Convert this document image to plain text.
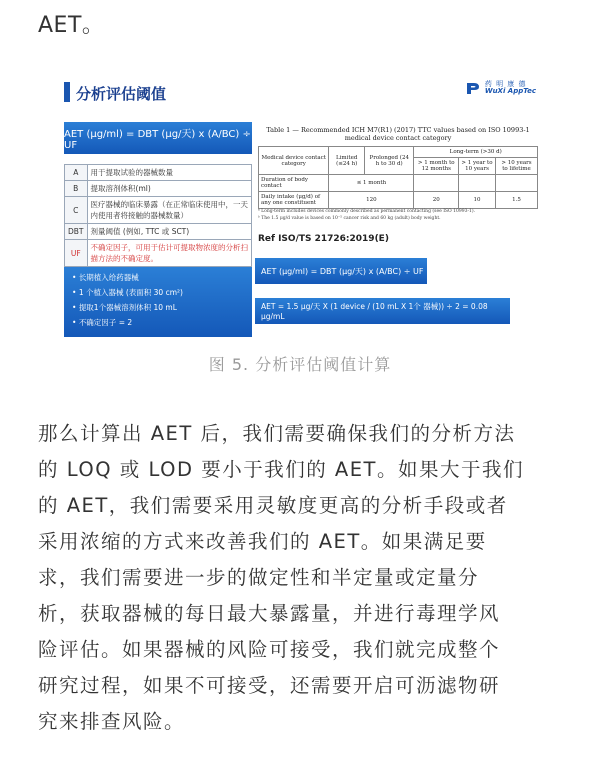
AET。
分析评估阈值
药 明 康 德
WuXi AppTec
AET (μg/ml) = DBT (μg/天) x (A/BC) ÷ UF
A	用于提取试验的器械数量
B	提取溶剂体积(ml)
C	医疗器械的临床暴露（在正常临床使用中，一天内使用者将接触的器械数量）
DBT	剂量阈值 (例如, TTC 或 SCT)
UF	不确定因子，可用于估计可提取物浓度的分析扫描方法的不确定度。
• 长期植入给药器械
• 1 个植入器械 (表面积 30 cm²)
• 提取1个器械溶剂体积 10 mL
• 不确定因子 = 2
Table 1 — Recommended ICH M7(R1) (2017) TTC values based on ISO 10993-1 medical device contact category
Medical device contact category	Limited (≤24 h)	Prolonged (24 h to 30 d)	Long-term (>30 d)		
			> 1 month to 12 months	> 1 year to 10 years	> 10 years to lifetime
Duration of body contact	≤ 1 month				
Daily intake (μg/d) of any one constituent	120		20	10	1.5
ᵃ Long-term includes devices commonly described as permanent contacting (see ISO 10993-1).
ᵇ The 1.5 μg/d value is based on 10⁻⁵ cancer risk and 60 kg (adult) body weight.
Ref ISO/TS 21726:2019(E)
AET (μg/ml) = DBT (μg/天) x (A/BC) ÷ UF
AET = 1.5 μg/天 X (1 device / (10 mL X 1个 器械)) ÷ 2 = 0.08 μg/mL
图 5. 分析评估阈值计算
那么计算出 AET 后，我们需要确保我们的分析方法
的 LOQ 或 LOD 要小于我们的 AET。如果大于我们
的 AET，我们需要采用灵敏度更高的分析手段或者
采用浓缩的方式来改善我们的 AET。如果满足要
求，我们需要进一步的做定性和半定量或定量分
析，获取器械的每日最大暴露量，并进行毒理学风
险评估。如果器械的风险可接受，我们就完成整个
研究过程，如果不可接受，还需要开启可沥滤物研
究来排查风险。
